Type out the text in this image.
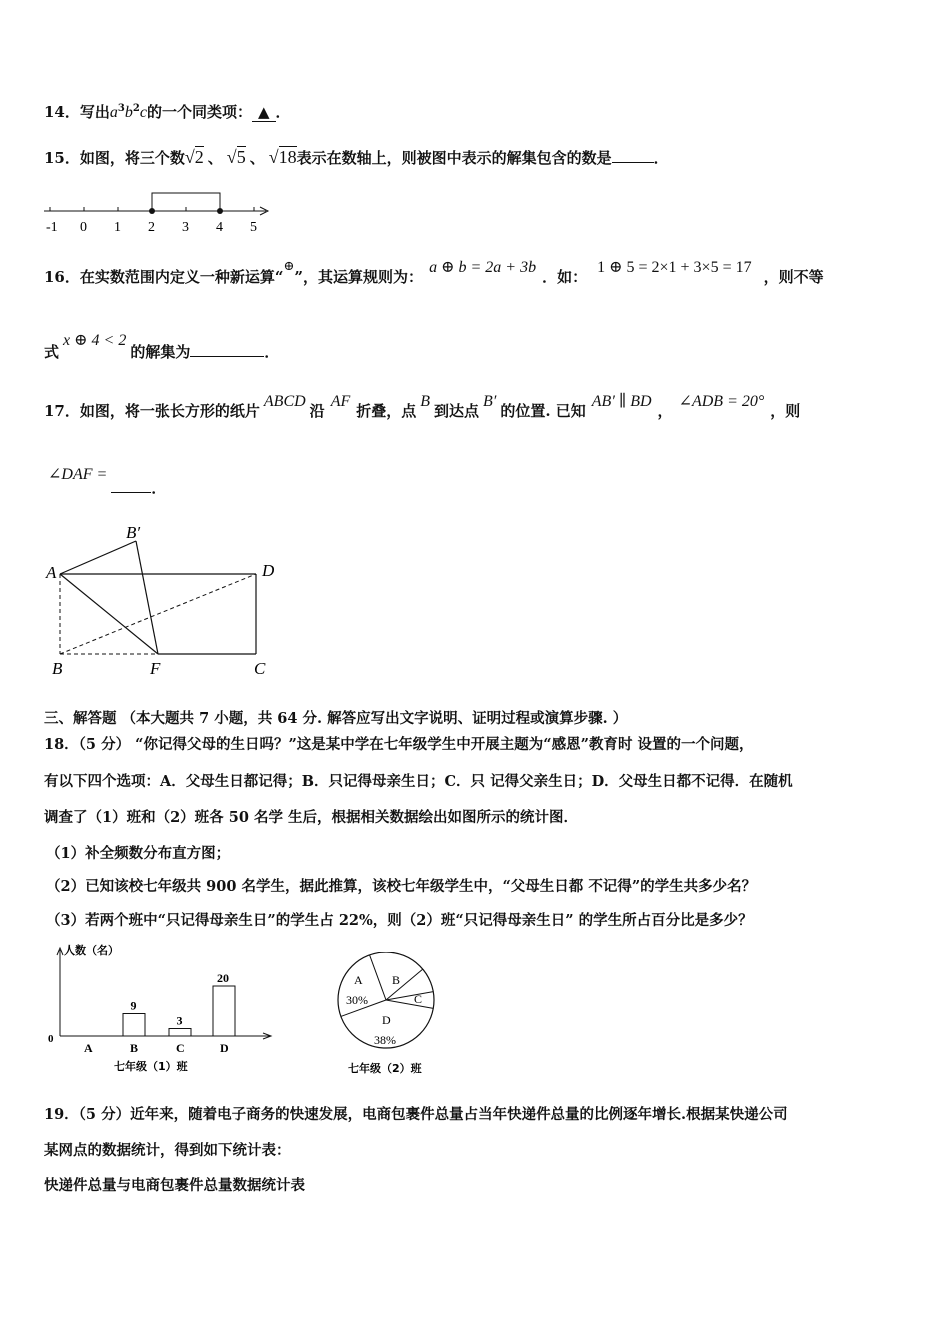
14．写出$a^3b^2c$的一个同类项： ▲ ．
15．如图，将三个数√2 、 √5 、 √18表示在数轴上，则被图中表示的解集包含的数是	．
-1 0 1 2 3 4 5
16．在实数范围内定义一种新运算“⊕”，其运算规则为：a ⊕ b = 2a + 3b．如：1 ⊕ 5 = 2×1 + 3×5 = 17，则不等
式x ⊕ 4 < 2的解集为	．
17．如图，将一张长方形的纸片ABCD沿AF折叠，点B到达点B′的位置. 已知AB′ ∥ BD，∠ADB = 20°，则
∠DAF =．
A	D
B	F	C
B′
三、解答题 （本大题共 7 小题，共 64 分. 解答应写出文字说明、证明过程或演算步骤. ）
18．（5 分） “你记得父母的生日吗？”这是某中学在七年级学生中开展主题为“感恩”教育时 设置的一个问题，
有以下四个选项：A．父母生日都记得；B．只记得母亲生日；C．只 记得父亲生日；D．父母生日都不记得．在随机
调查了（1）班和（2）班各 50 名学 生后，根据相关数据绘出如图所示的统计图．
（1）补全频数分布直方图；
（2）已知该校七年级共 900 名学生，据此推算，该校七年级学生中，“父母生日都 不记得”的学生共多少名？
（3）若两个班中“只记得母亲生日”的学生占 22%，则（2）班“只记得母亲生日” 的学生所占百分比是多少？
人数（名）
0
A	B
9
C
3
D
20
七年级（1）班
A
30%
B
C
D
38%
七年级（2）班
19．（5 分）近年来，随着电子商务的快速发展，电商包裹件总量占当年快递件总量的比例逐年增长.根据某快递公司
某网点的数据统计，得到如下统计表：
快递件总量与电商包裹件总量数据统计表
